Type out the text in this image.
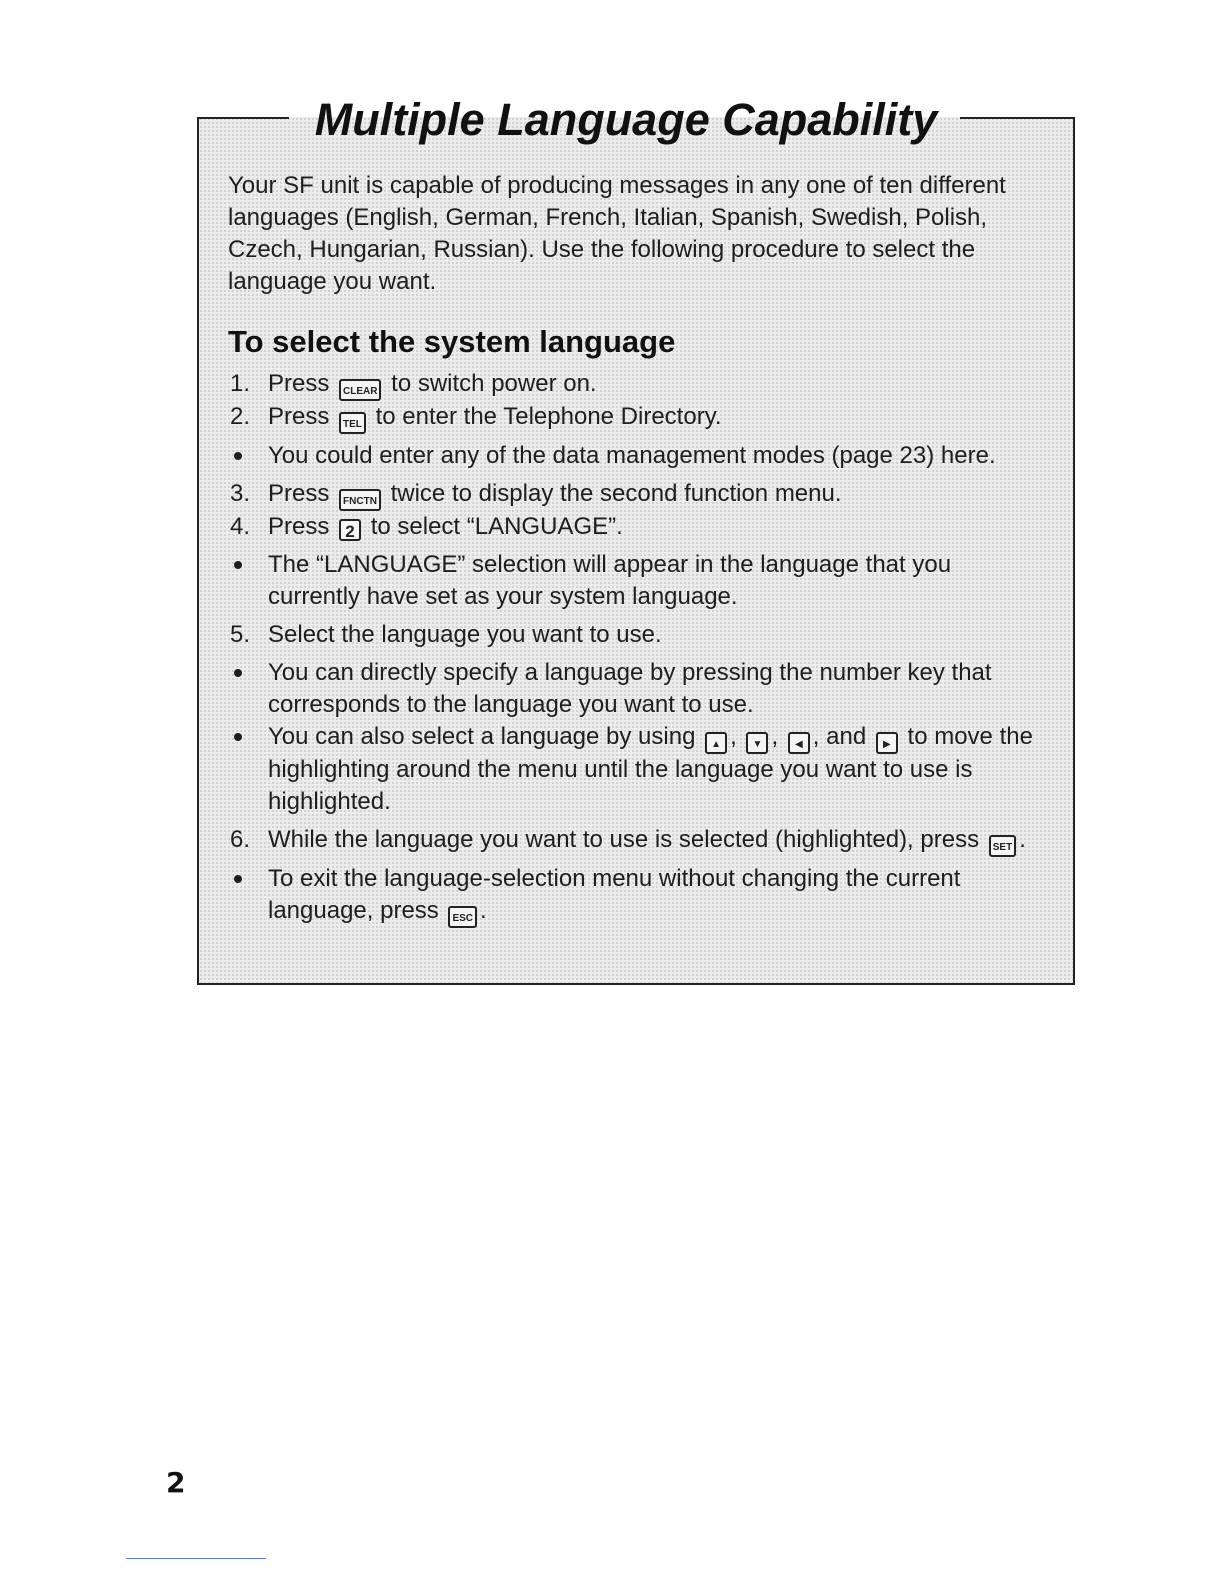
Multiple Language Capability

Your SF unit is capable of producing messages in any one of ten different languages (English, German, French, Italian, Spanish, Swedish, Polish, Czech, Hungarian, Russian). Use the following procedure to select the language you want.

To select the system language
1. Press CLEAR to switch power on.
2. Press TEL to enter the Telephone Directory.
You could enter any of the data management modes (page 23) here.
3. Press FNCTN twice to display the second function menu.
4. Press 2 to select “LANGUAGE”.
The “LANGUAGE” selection will appear in the language that you currently have set as your system language.
5. Select the language you want to use.
You can directly specify a language by pressing the number key that corresponds to the language you want to use.
You can also select a language by using ▲ , ▼ , ◀ , and ▶ to move the highlighting around the menu until the language you want to use is highlighted.
6. While the language you want to use is selected (highlighted), press SET .
To exit the language-selection menu without changing the current language, press ESC .
2
